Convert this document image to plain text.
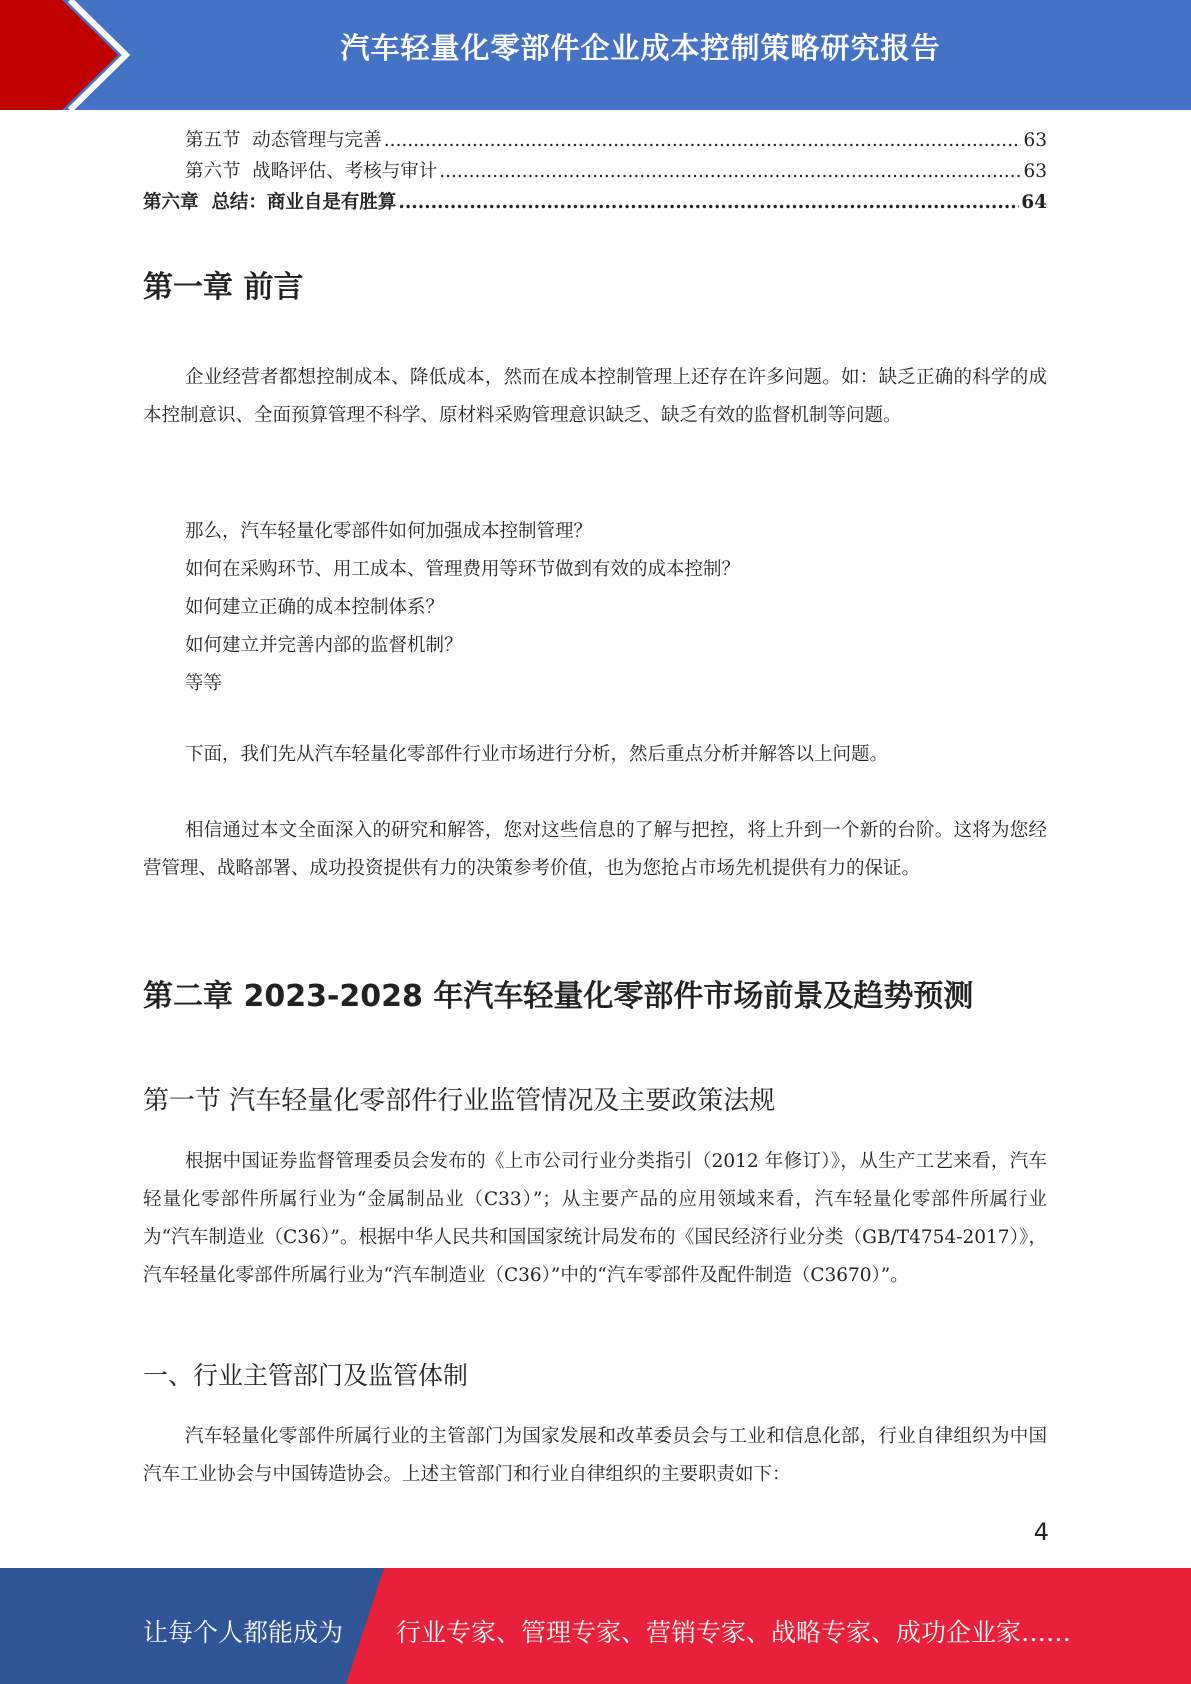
汽车轻量化零部件企业成本控制策略研究报告
第五节  动态管理与完善 .....	63
第六节  战略评估、考核与审计 .....	63
第六章  总结：商业自是有胜算 .....	64
第一章 前言
企业经营者都想控制成本、降低成本，然而在成本控制管理上还存在许多问题。如：缺乏正确的科学的成本控制意识、全面预算管理不科学、原材料采购管理意识缺乏、缺乏有效的监督机制等问题。
那么，汽车轻量化零部件如何加强成本控制管理？
如何在采购环节、用工成本、管理费用等环节做到有效的成本控制？
如何建立正确的成本控制体系？
如何建立并完善内部的监督机制？
等等
下面，我们先从汽车轻量化零部件行业市场进行分析，然后重点分析并解答以上问题。
相信通过本文全面深入的研究和解答，您对这些信息的了解与把控，将上升到一个新的台阶。这将为您经营管理、战略部署、成功投资提供有力的决策参考价值，也为您抢占市场先机提供有力的保证。
第二章 2023-2028 年汽车轻量化零部件市场前景及趋势预测
第一节 汽车轻量化零部件行业监管情况及主要政策法规
根据中国证券监督管理委员会发布的《上市公司行业分类指引（2012 年修订）》，从生产工艺来看，汽车轻量化零部件所属行业为“金属制品业（C33）”；从主要产品的应用领域来看，汽车轻量化零部件所属行业为“汽车制造业（C36）”。根据中华人民共和国国家统计局发布的《国民经济行业分类（GB/T4754-2017）》，汽车轻量化零部件所属行业为“汽车制造业（C36）”中的“汽车零部件及配件制造（C3670）”。
一、行业主管部门及监管体制
汽车轻量化零部件所属行业的主管部门为国家发展和改革委员会与工业和信息化部，行业自律组织为中国汽车工业协会与中国铸造协会。上述主管部门和行业自律组织的主要职责如下：
4
让每个人都能成为 行业专家、管理专家、营销专家、战略专家、成功企业家……
